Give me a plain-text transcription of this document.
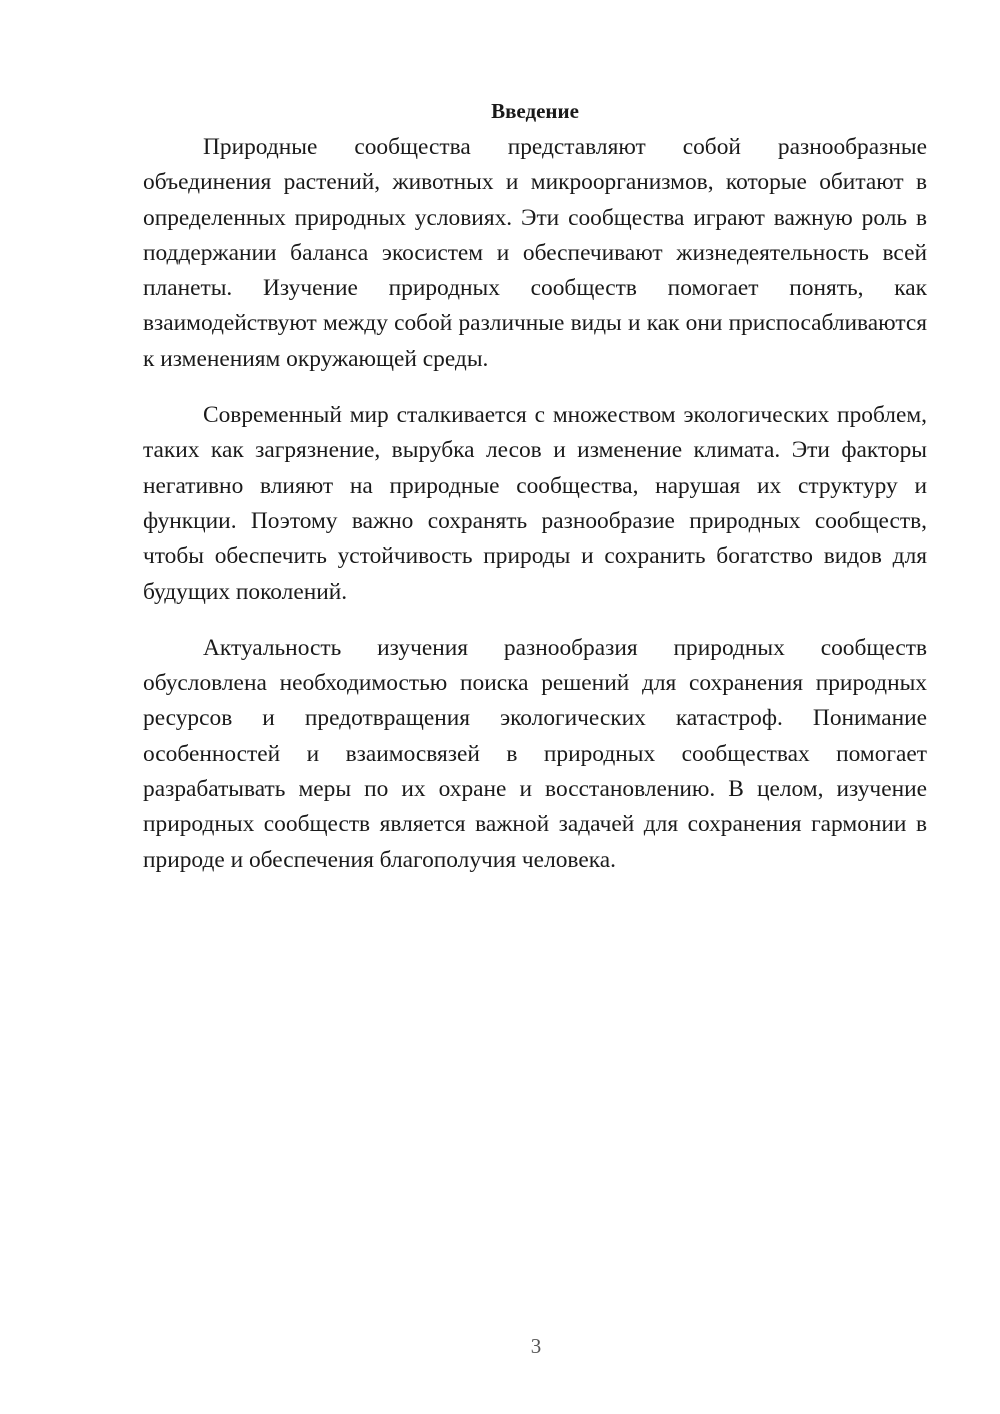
Введение

Природные сообщества представляют собой разнообразные объединения растений, животных и микроорганизмов, которые обитают в определенных природных условиях. Эти сообщества играют важную роль в поддержании баланса экосистем и обеспечивают жизнедеятельность всей планеты. Изучение природных сообществ помогает понять, как взаимодействуют между собой различные виды и как они приспосабливаются к изменениям окружающей среды.

Современный мир сталкивается с множеством экологических проблем, таких как загрязнение, вырубка лесов и изменение климата. Эти факторы негативно влияют на природные сообщества, нарушая их структуру и функции. Поэтому важно сохранять разнообразие природных сообществ, чтобы обеспечить устойчивость природы и сохранить богатство видов для будущих поколений.

Актуальность изучения разнообразия природных сообществ обусловлена необходимостью поиска решений для сохранения природных ресурсов и предотвращения экологических катастроф. Понимание особенностей и взаимосвязей в природных сообществах помогает разрабатывать меры по их охране и восстановлению. В целом, изучение природных сообществ является важной задачей для сохранения гармонии в природе и обеспечения благополучия человека.

3
